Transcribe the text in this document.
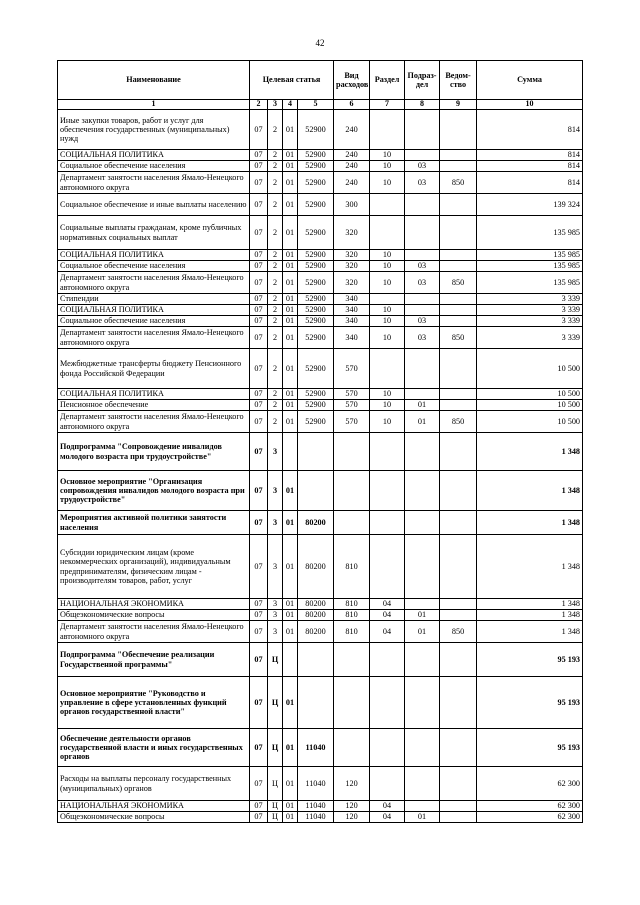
42
Наименование	Целевая статья				Вид расходов	Раздел	Подраз-дел	Ведом-ство	Сумма
1	2	3	4	5	6	7	8	9	10
Иные закупки товаров, работ и услуг для обеспечения государственных (муниципальных) нужд	07	2	01	52900	240				814
СОЦИАЛЬНАЯ ПОЛИТИКА	07	2	01	52900	240	10			814
Социальное обеспечение населения	07	2	01	52900	240	10	03		814
Департамент занятости населения Ямало-Ненецкого автономного округа	07	2	01	52900	240	10	03	850	814
Социальное обеспечение и иные выплаты населению	07	2	01	52900	300				139 324
Социальные выплаты гражданам, кроме публичных нормативных социальных выплат	07	2	01	52900	320				135 985
СОЦИАЛЬНАЯ ПОЛИТИКА	07	2	01	52900	320	10			135 985
Социальное обеспечение населения	07	2	01	52900	320	10	03		135 985
Департамент занятости населения Ямало-Ненецкого автономного округа	07	2	01	52900	320	10	03	850	135 985
Стипендии	07	2	01	52900	340				3 339
СОЦИАЛЬНАЯ ПОЛИТИКА	07	2	01	52900	340	10			3 339
Социальное обеспечение населения	07	2	01	52900	340	10	03		3 339
Департамент занятости населения Ямало-Ненецкого автономного округа	07	2	01	52900	340	10	03	850	3 339
Межбюджетные трансферты бюджету Пенсионного фонда Российской Федерации	07	2	01	52900	570				10 500
СОЦИАЛЬНАЯ ПОЛИТИКА	07	2	01	52900	570	10			10 500
Пенсионное обеспечение	07	2	01	52900	570	10	01		10 500
Департамент занятости населения Ямало-Ненецкого автономного округа	07	2	01	52900	570	10	01	850	10 500
Подпрограмма "Сопровождение инвалидов молодого возраста при трудоустройстве"	07	3							1 348
Основное мероприятие "Организация сопровождения инвалидов молодого возраста при трудоустройстве"	07	3	01						1 348
Мероприятия активной политики занятости населения	07	3	01	80200					1 348
Субсидии юридическим лицам (кроме некоммерческих организаций), индивидуальным предпринимателям, физическим лицам - производителям товаров, работ, услуг	07	3	01	80200	810				1 348
НАЦИОНАЛЬНАЯ ЭКОНОМИКА	07	3	01	80200	810	04			1 348
Общеэкономические вопросы	07	3	01	80200	810	04	01		1 348
Департамент занятости населения Ямало-Ненецкого автономного округа	07	3	01	80200	810	04	01	850	1 348
Подпрограмма "Обеспечение реализации Государственной программы"	07	Ц							95 193
Основное мероприятие "Руководство и управление в сфере установленных функций органов государственной власти"	07	Ц	01						95 193
Обеспечение деятельности органов государственной власти и иных государственных органов	07	Ц	01	11040					95 193
Расходы на выплаты персоналу государственных (муниципальных) органов	07	Ц	01	11040	120				62 300
НАЦИОНАЛЬНАЯ ЭКОНОМИКА	07	Ц	01	11040	120	04			62 300
Общеэкономические вопросы	07	Ц	01	11040	120	04	01		62 300
